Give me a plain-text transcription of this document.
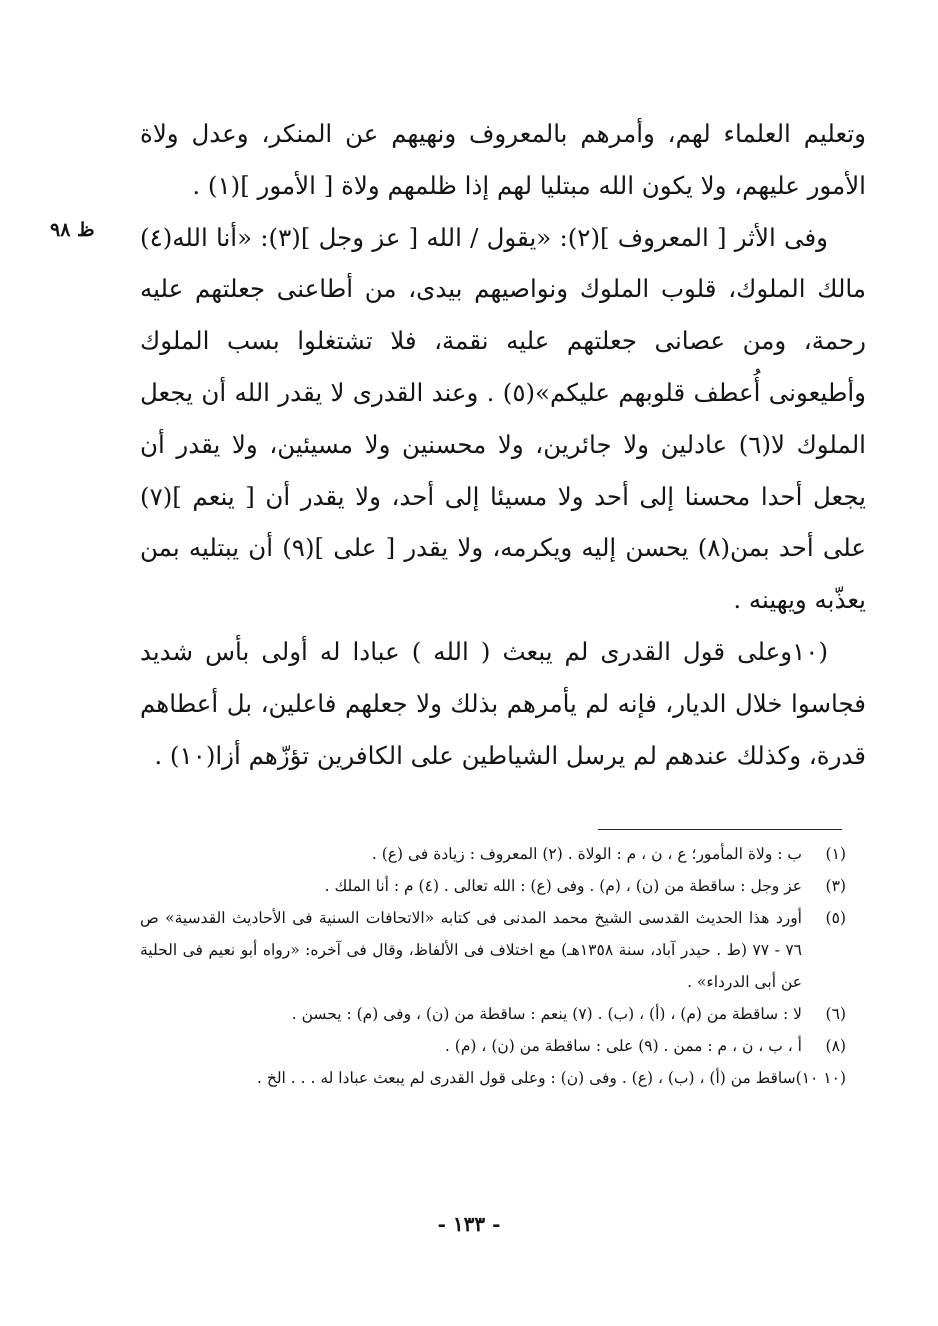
ظ ٩٨

وتعليم العلماء لهم، وأمرهم بالمعروف ونهيهم عن المنكر، وعدل ولاة الأمور عليهم، ولا يكون الله مبتليا لهم إذا ظلمهم ولاة [ الأمور ](١) .

وفى الأثر [ المعروف ](٢): «يقول / الله [ عز وجل ](٣): «أنا الله(٤) مالك الملوك، قلوب الملوك ونواصيهم بيدى، من أطاعنى جعلتهم عليه رحمة، ومن عصانى جعلتهم عليه نقمة، فلا تشتغلوا بسب الملوك وأطيعونى أُعطف قلوبهم عليكم»(٥) . وعند القدرى لا يقدر الله أن يجعل الملوك لا(٦) عادلين ولا جائرين، ولا محسنين ولا مسيئين، ولا يقدر أن يجعل أحدا محسنا إلى أحد ولا مسيئا إلى أحد، ولا يقدر أن [ ينعم ](٧) على أحد بمن(٨) يحسن إليه ويكرمه، ولا يقدر [ على ](٩) أن يبتليه بمن يعذّبه ويهينه .

(١٠وعلى قول القدرى لم يبعث ( الله ) عبادا له أولى بأس شديد فجاسوا خلال الديار، فإنه لم يأمرهم بذلك ولا جعلهم فاعلين، بل أعطاهم قدرة، وكذلك عندهم لم يرسل الشياطين على الكافرين تؤزّهم أزا(١٠) .

(١)
ب : ولاة المأمور؛ ع ، ن ، م : الولاة . (٢) المعروف : زيادة فى (ع) .
(٣)
عز وجل : ساقطة من (ن) ، (م) . وفى (ع) : الله تعالى . (٤) م : أنا الملك .
(٥)
أورد هذا الحديث القدسى الشيخ محمد المدنى فى كتابه «الاتحافات السنية فى الأحاديث القدسية» ص ٧٦ - ٧٧ (ط . حيدر آباد، سنة ١٣٥٨هـ) مع اختلاف فى الألفاظ، وقال فى آخره: «رواه أبو نعيم فى الحلية عن أبى الدرداء» .
(٦)
لا : ساقطة من (م) ، (أ) ، (ب) . (٧) ينعم : ساقطة من (ن) ، وفى (م) : يحسن .
(٨)
أ ، ب ، ن ، م : ممن . (٩) على : ساقطة من (ن) ، (م) .
(١٠ ١٠)
ساقط من (أ) ، (ب) ، (ع) . وفى (ن) : وعلى قول القدرى لم يبعث عبادا له . . . الخ .
- ١٣٣ -
